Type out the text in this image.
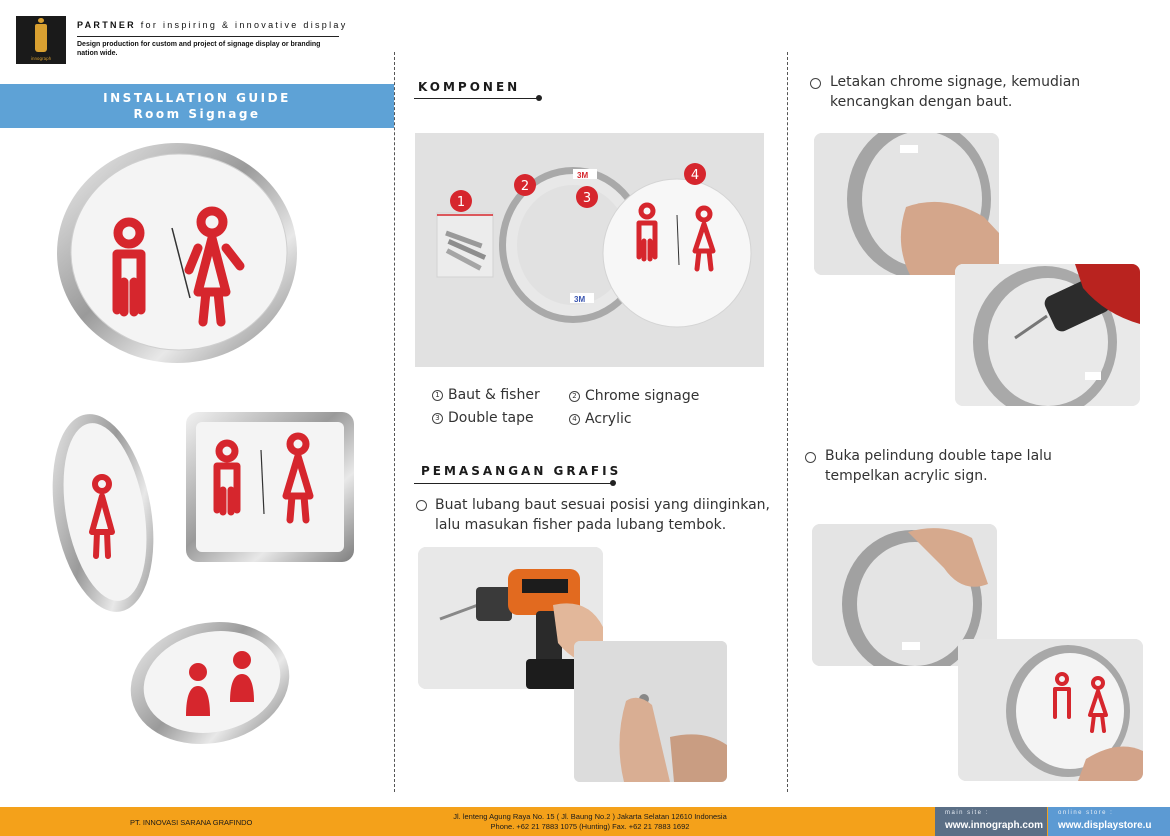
innograph
PARTNER for inspiring & innovative display
Design production for custom and project of signage display or branding nation wide.
INSTALLATION GUIDE
Room Signage
KOMPONEN
3M
3M
1
2
3
4
1 Baut & fisher	2 Chrome signage
3 Double tape	4 Acrylic
PEMASANGAN GRAFIS
Buat lubang baut sesuai posisi yang diinginkan, lalu masukan fisher pada lubang tembok.
Letakan chrome signage, kemudian kencangkan dengan baut.
Buka pelindung double tape lalu tempelkan acrylic sign.
PT. INNOVASI SARANA GRAFINDO
Jl. lenteng Agung Raya No. 15 ( Jl. Baung No.2 ) Jakarta Selatan 12610 Indonesia
Phone. +62 21 7883 1075 (Hunting) Fax. +62 21 7883 1692
main site :
www.innograph.com
online store :
www.displaystore.u
